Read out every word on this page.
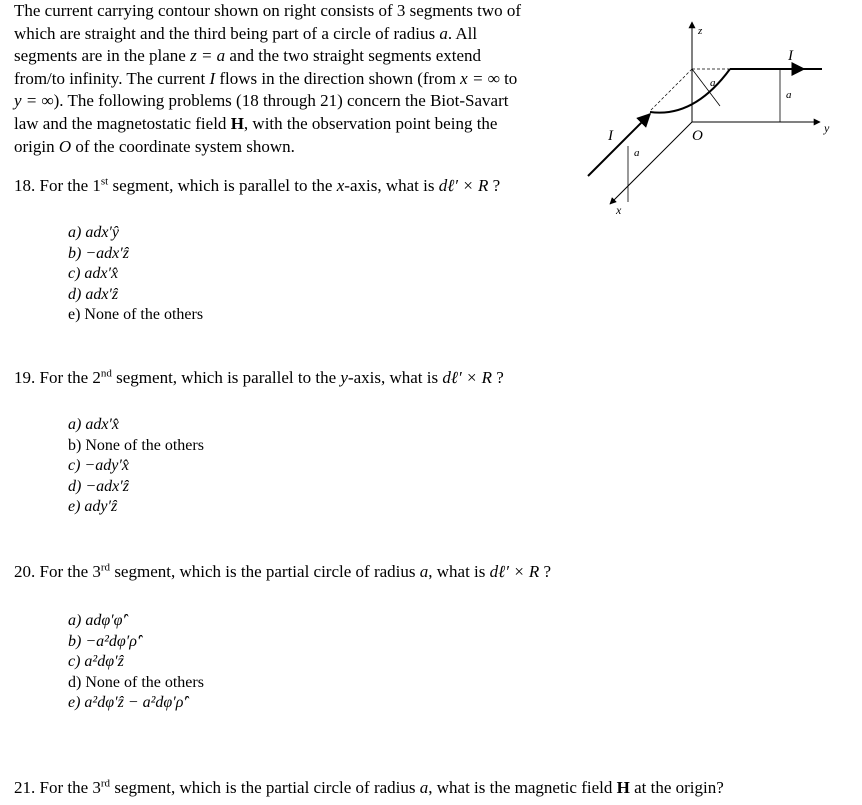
The current carrying contour shown on right consists of 3 segments two of
which are straight and the third being part of a circle of radius a. All
segments are in the plane z = a and the two straight segments extend
from/to infinity. The current I flows in the direction shown (from x = ∞ to
y = ∞). The following problems (18 through 21) concern the Biot-Savart
law and the magnetostatic field H, with the observation point being the
origin O of the coordinate system shown.
z
y
x
I
I
a
a
a
O
18. For the 1st segment, which is parallel to the x-axis, what is dℓ′ × R ?
a) adx′ŷ
b) −adx′ẑ
c) adx′x̂
d) adx′ẑ
e) None of the others
19. For the 2nd segment, which is parallel to the y-axis, what is dℓ′ × R ?
a) adx′x̂
b) None of the others
c) −ady′x̂
d) −adx′ẑ
e) ady′ẑ
20. For the 3rd segment, which is the partial circle of radius a, what is dℓ′ × R ?
a) adφ′φ̂′
b) −a²dφ′ρ̂′
c) a²dφ′ẑ
d) None of the others
e) a²dφ′ẑ − a²dφ′ρ̂′
21. For the 3rd segment, which is the partial circle of radius a, what is the magnetic field H at the origin?
